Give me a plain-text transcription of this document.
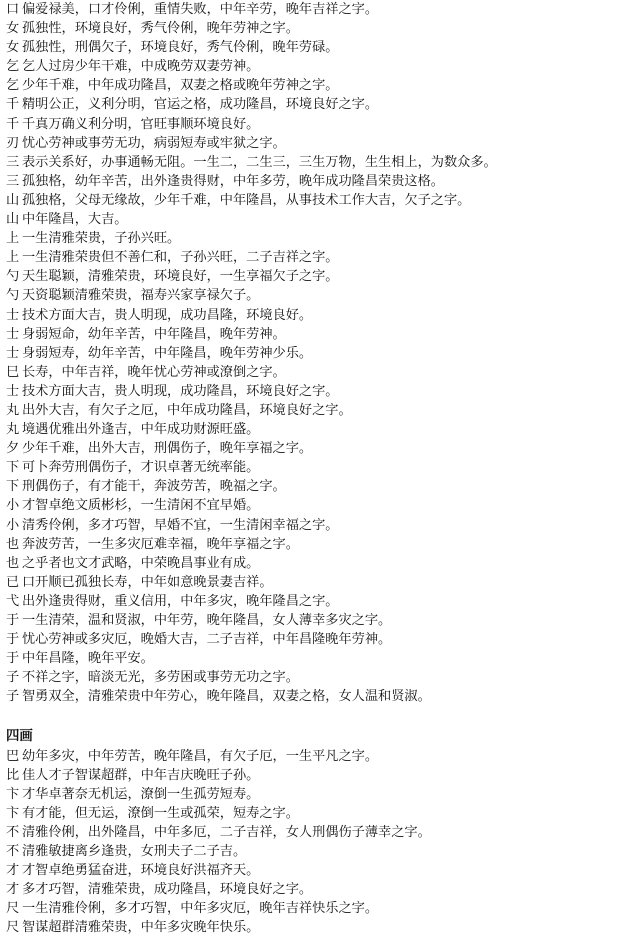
口 偏爱禄美，口才伶俐，重情失败，中年辛劳，晚年吉祥之字。
女 孤独性，环境良好，秀气伶俐，晚年劳神之字。
女 孤独性，刑偶欠子，环境良好，秀气伶俐，晚年劳碌。
乞 乞人过房少年干难，中成晚劳双妻劳神。
乞 少年千难，中年成功隆昌，双妻之格或晚年劳神之字。
千 精明公正，义利分明，官运之格，成功隆昌，环境良好之字。
千 千真万确义利分明，官旺事顺环境良好。
刃 忧心劳神或事劳无功，病弱短寿或牢狱之字。
三 表示关系好，办事通畅无阻。一生二，二生三，三生万物，生生相上，为数众多。
三 孤独格，幼年辛苦，出外逢贵得财，中年多劳，晚年成功隆昌荣贵这格。
山 孤独格，父母无缘故，少年千难，中年隆昌，从事技术工作大吉，欠子之字。
山 中年隆昌，大吉。
上 一生清雅荣贵，子孙兴旺。
上 一生清雅荣贵但不善仁和，子孙兴旺，二子吉祥之字。
勺 天生聪颖，清雅荣贵，环境良好，一生享福欠子之字。
勺 天资聪颖清雅荣贵，福寿兴家享禄欠子。
士 技术方面大吉，贵人明现，成功昌隆，环境良好。
士 身弱短命，幼年辛苦，中年隆昌，晚年劳神。
士 身弱短寿，幼年辛苦，中年隆昌，晚年劳神少乐。
巳 长寿，中年吉祥，晚年忧心劳神或潦倒之字。
士 技术方面大吉，贵人明现，成功隆昌，环境良好之字。
丸 出外大吉，有欠子之厄，中年成功隆昌，环境良好之字。
丸 境遇优雅出外逢吉，中年成功财源旺盛。
夕 少年千难，出外大吉，刑偶伤子，晚年享福之字。
下 可卜奔劳刑偶伤子，才识卓著无统率能。
下 刑偶伤子，有才能干，奔波劳苦，晚福之字。
小 才智卓绝文质彬杉，一生清闲不宜早婚。
小 清秀伶俐，多才巧智，早婚不宜，一生清闲幸福之字。
也 奔波劳苦，一生多灾厄难幸福，晚年享福之字。
也 之乎者也文才武略，中荣晚昌事业有成。
已 口开顺已孤独长寿，中年如意晚景妻吉祥。
弋 出外逢贵得财，重义信用，中年多灾，晚年隆昌之字。
于 一生清荣，温和贤淑，中年劳，晚年隆昌，女人薄幸多灾之字。
于 忧心劳神或多灾厄，晚婚大吉，二子吉祥，中年昌隆晚年劳神。
于 中年昌隆，晚年平安。
子 不祥之字，暗淡无光，多劳困或事劳无功之字。
子 智勇双全，清雅荣贵中年劳心，晚年隆昌，双妻之格，女人温和贤淑。
四画
巴 幼年多灾，中年劳苦，晚年隆昌，有欠子厄，一生平凡之字。
比 佳人才子智谋超群，中年吉庆晚旺子孙。
卞 才华卓著奈无机运，潦倒一生孤劳短寿。
卞 有才能，但无运，潦倒一生或孤荣，短寿之字。
不 清雅伶俐，出外隆昌，中年多厄，二子吉祥，女人刑偶伤子薄幸之字。
不 清雅敏捷离乡逢贵，女刑夫子二子吉。
才 才智卓绝勇猛奋进，环境良好洪福齐天。
才 多才巧智，清雅荣贵，成功隆昌，环境良好之字。
尺 一生清雅伶俐，多才巧智，中年多灾厄，晚年吉祥快乐之字。
尺 智谋超群清雅荣贵，中年多灾晚年快乐。
